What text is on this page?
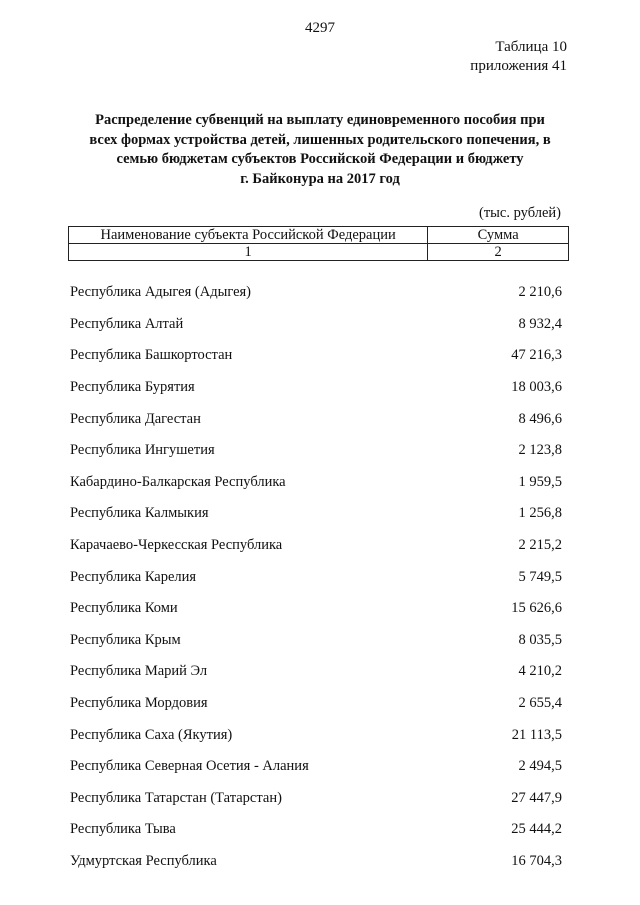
4297
Таблица 10
приложения 41
Распределение субвенций на выплату единовременного пособия при
всех формах устройства детей, лишенных родительского попечения, в
семью бюджетам субъектов Российской Федерации и бюджету
г. Байконура на 2017 год
(тыс. рублей)
Наименование субъекта Российской Федерации	Сумма
1	2
Республика Адыгея (Адыгея)	2 210,6
Республика Алтай	8 932,4
Республика Башкортостан	47 216,3
Республика Бурятия	18 003,6
Республика Дагестан	8 496,6
Республика Ингушетия	2 123,8
Кабардино-Балкарская Республика	1 959,5
Республика Калмыкия	1 256,8
Карачаево-Черкесская Республика	2 215,2
Республика Карелия	5 749,5
Республика Коми	15 626,6
Республика Крым	8 035,5
Республика Марий Эл	4 210,2
Республика Мордовия	2 655,4
Республика Саха (Якутия)	21 113,5
Республика Северная Осетия - Алания	2 494,5
Республика Татарстан (Татарстан)	27 447,9
Республика Тыва	25 444,2
Удмуртская Республика	16 704,3
